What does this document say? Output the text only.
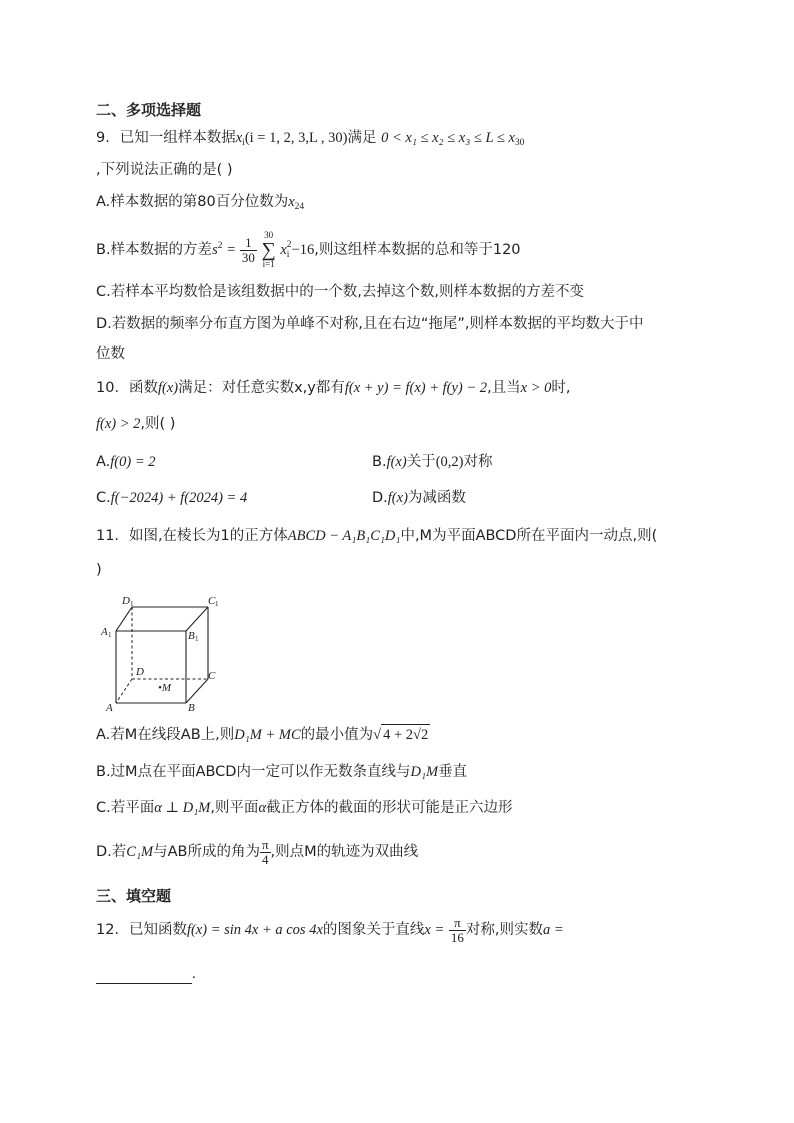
二、多项选择题
9．已知一组样本数据$x_i(i = 1$, 2, 3,L , 30)满足 $0 < x_1 \le x_2 \le x_3 \le L \le x_{30}$
,下列说法正确的是( )
A.样本数据的第80百分位数为$x_{24}$
B.样本数据的方差$s^2 = \frac{1}{30}$

30
∑
i=1
x 2
i −16,则这组样本数据的总和等于120
C.若样本平均数恰是该组数据中的一个数,去掉这个数,则样本数据的方差不变
D.若数据的频率分布直方图为单峰不对称,且在右边“拖尾”,则样本数据的平均数大于中
位数
10．函数f(x)满足：对任意实数x,y都有f(x + y) = f(x) + f(y) − 2,且当x > 0时,
f(x) > 2,则( )
A.f(0) = 2	B.f(x)关于(0,2)对称
C.f(−2024) + f(2024) = 4	D.f(x)为减函数
11．如图,在棱长为1的正方体ABCD − A₁B₁C₁D₁中,M为平面ABCD所在平面内一动点,则(
)
D 1	C 1
A 1	B 1
D	C
A	B
•M
A.若M在线段AB上,则D₁M + MC的最小值为√ 4 + 2√2
B.过M点在平面ABCD内一定可以作无数条直线与D₁M垂直
C.若平面α ⊥ D₁M,则平面α截正方体的截面的形状可能是正六边形
D.若C₁M与AB所成的角为 $\frac{\pi}{4}$ ,则点M的轨迹为双曲线
三、填空题
12．已知函数f(x) = sin 4x + a cos 4x的图象关于直线$x = \frac{\pi}{16}$ 对称,则实数a =
.
